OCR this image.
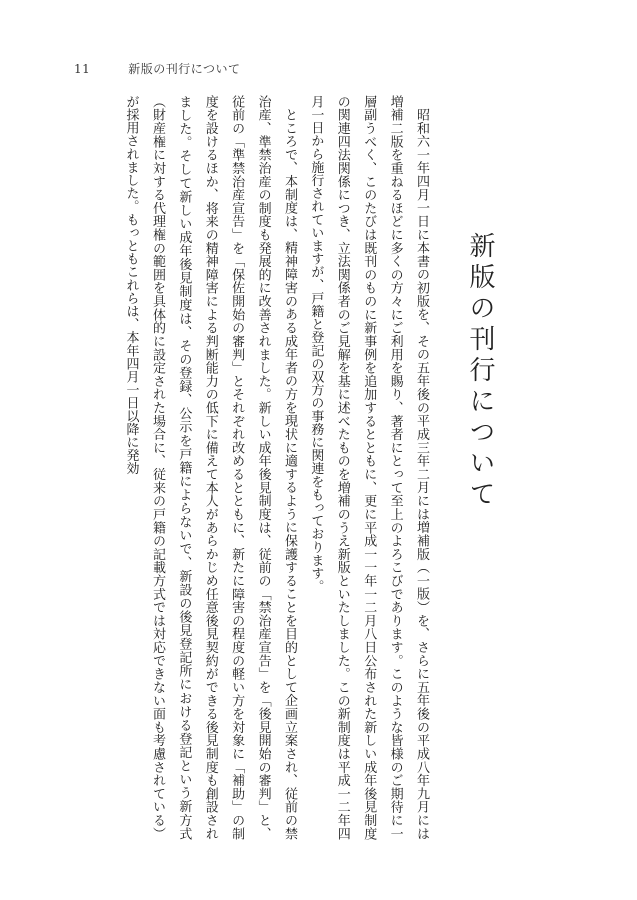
11	新版の刊行について
新版の刊行について

昭和六一年四月一日に本書の初版を、その五年後の平成三年二月には増補版（一版）を、さらに五年後の平成八年九月には増補二版を重ねるほどに多くの方々にご利用を賜り、著者にとって至上のよろこびであります。このような皆様のご期待に一層副うべく、このたびは既刊のものに新事例を追加するとともに、更に平成一一年一二月八日公布された新しい成年後見制度の関連四法関係につき、立法関係者のご見解を基に述べたものを増補のうえ新版といたしました。この新制度は平成一二年四月一日から施行されていますが、戸籍と登記の双方の事務に関連をもっております。

ところで、本制度は、精神障害のある成年者の方を現状に適するように保護することを目的として企画立案され、従前の禁治産、準禁治産の制度も発展的に改善されました。新しい成年後見制度は、従前の「禁治産宣告」を「後見開始の審判」と、従前の「準禁治産宣告」を「保佐開始の審判」とそれぞれ改めるとともに、新たに障害の程度の軽い方を対象に「補助」の制度を設けるほか、将来の精神障害による判断能力の低下に備えて本人があらかじめ任意後見契約ができる後見制度も創設されました。そして新しい成年後見制度は、その登録、公示を戸籍によらないで、新設の後見登記所における登記という新方式（財産権に対する代理権の範囲を具体的に設定された場合に、従来の戸籍の記載方式では対応できない面も考慮されている）が採用されました。もっともこれらは、本年四月一日以降に発効
